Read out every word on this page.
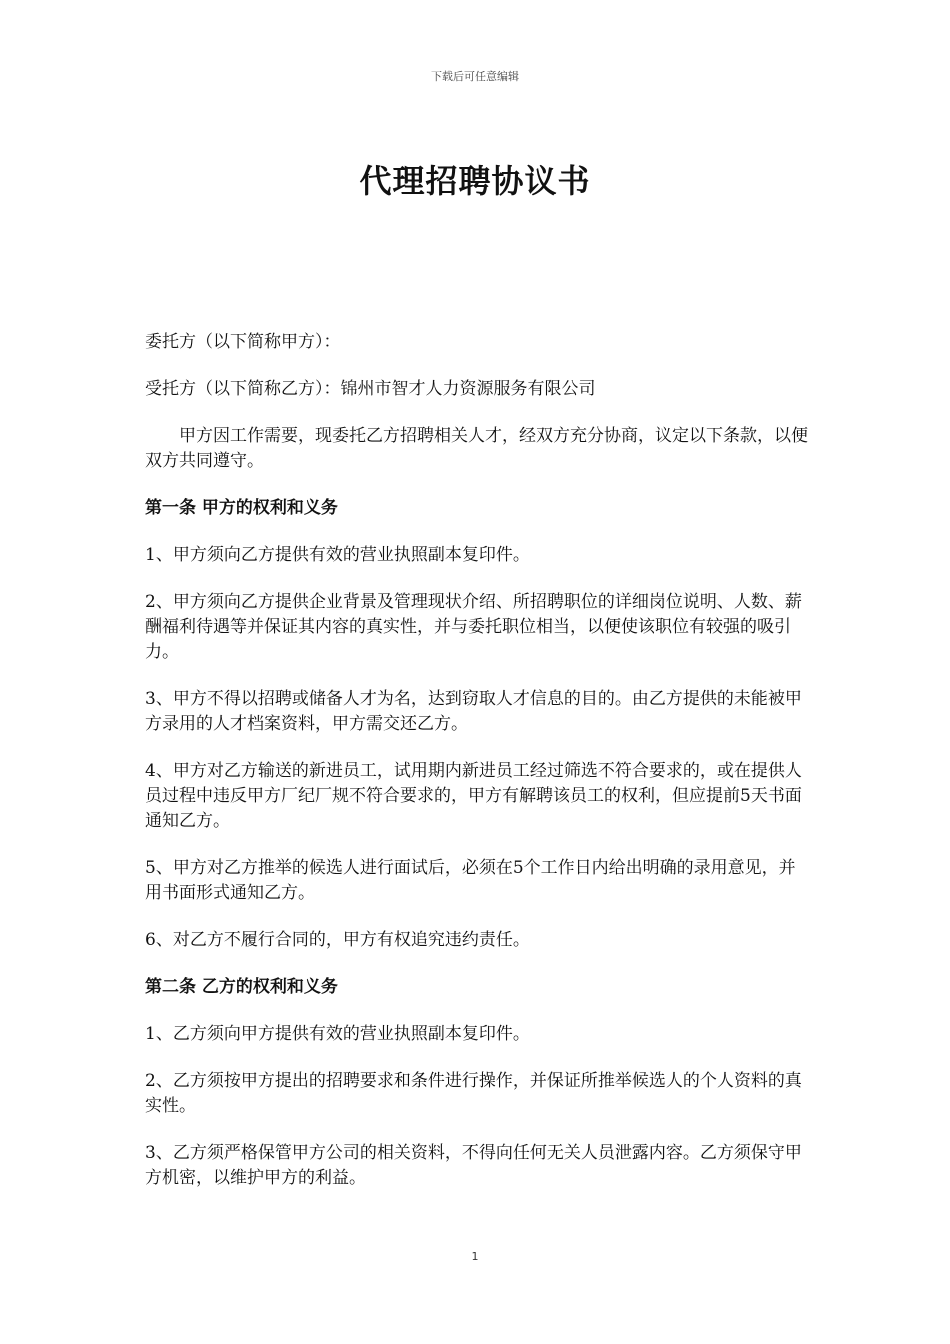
下载后可任意编辑
代理招聘协议书

委托方（以下简称甲方）：

受托方（以下简称乙方）：锦州市智才人力资源服务有限公司

甲方因工作需要，现委托乙方招聘相关人才，经双方充分协商，议定以下条款，以便双方共同遵守。

第一条 甲方的权利和义务

1、甲方须向乙方提供有效的营业执照副本复印件。

2、甲方须向乙方提供企业背景及管理现状介绍、所招聘职位的详细岗位说明、人数、薪酬福利待遇等并保证其内容的真实性，并与委托职位相当，以便使该职位有较强的吸引力。

3、甲方不得以招聘或储备人才为名，达到窃取人才信息的目的。由乙方提供的未能被甲方录用的人才档案资料，甲方需交还乙方。

4、甲方对乙方输送的新进员工，试用期内新进员工经过筛选不符合要求的，或在提供人员过程中违反甲方厂纪厂规不符合要求的，甲方有解聘该员工的权利，但应提前5天书面通知乙方。

5、甲方对乙方推举的候选人进行面试后，必须在5个工作日内给出明确的录用意见，并用书面形式通知乙方。

6、对乙方不履行合同的，甲方有权追究违约责任。

第二条 乙方的权利和义务

1、乙方须向甲方提供有效的营业执照副本复印件。

2、乙方须按甲方提出的招聘要求和条件进行操作，并保证所推举候选人的个人资料的真实性。

3、乙方须严格保管甲方公司的相关资料，不得向任何无关人员泄露内容。乙方须保守甲方机密，以维护甲方的利益。

1
